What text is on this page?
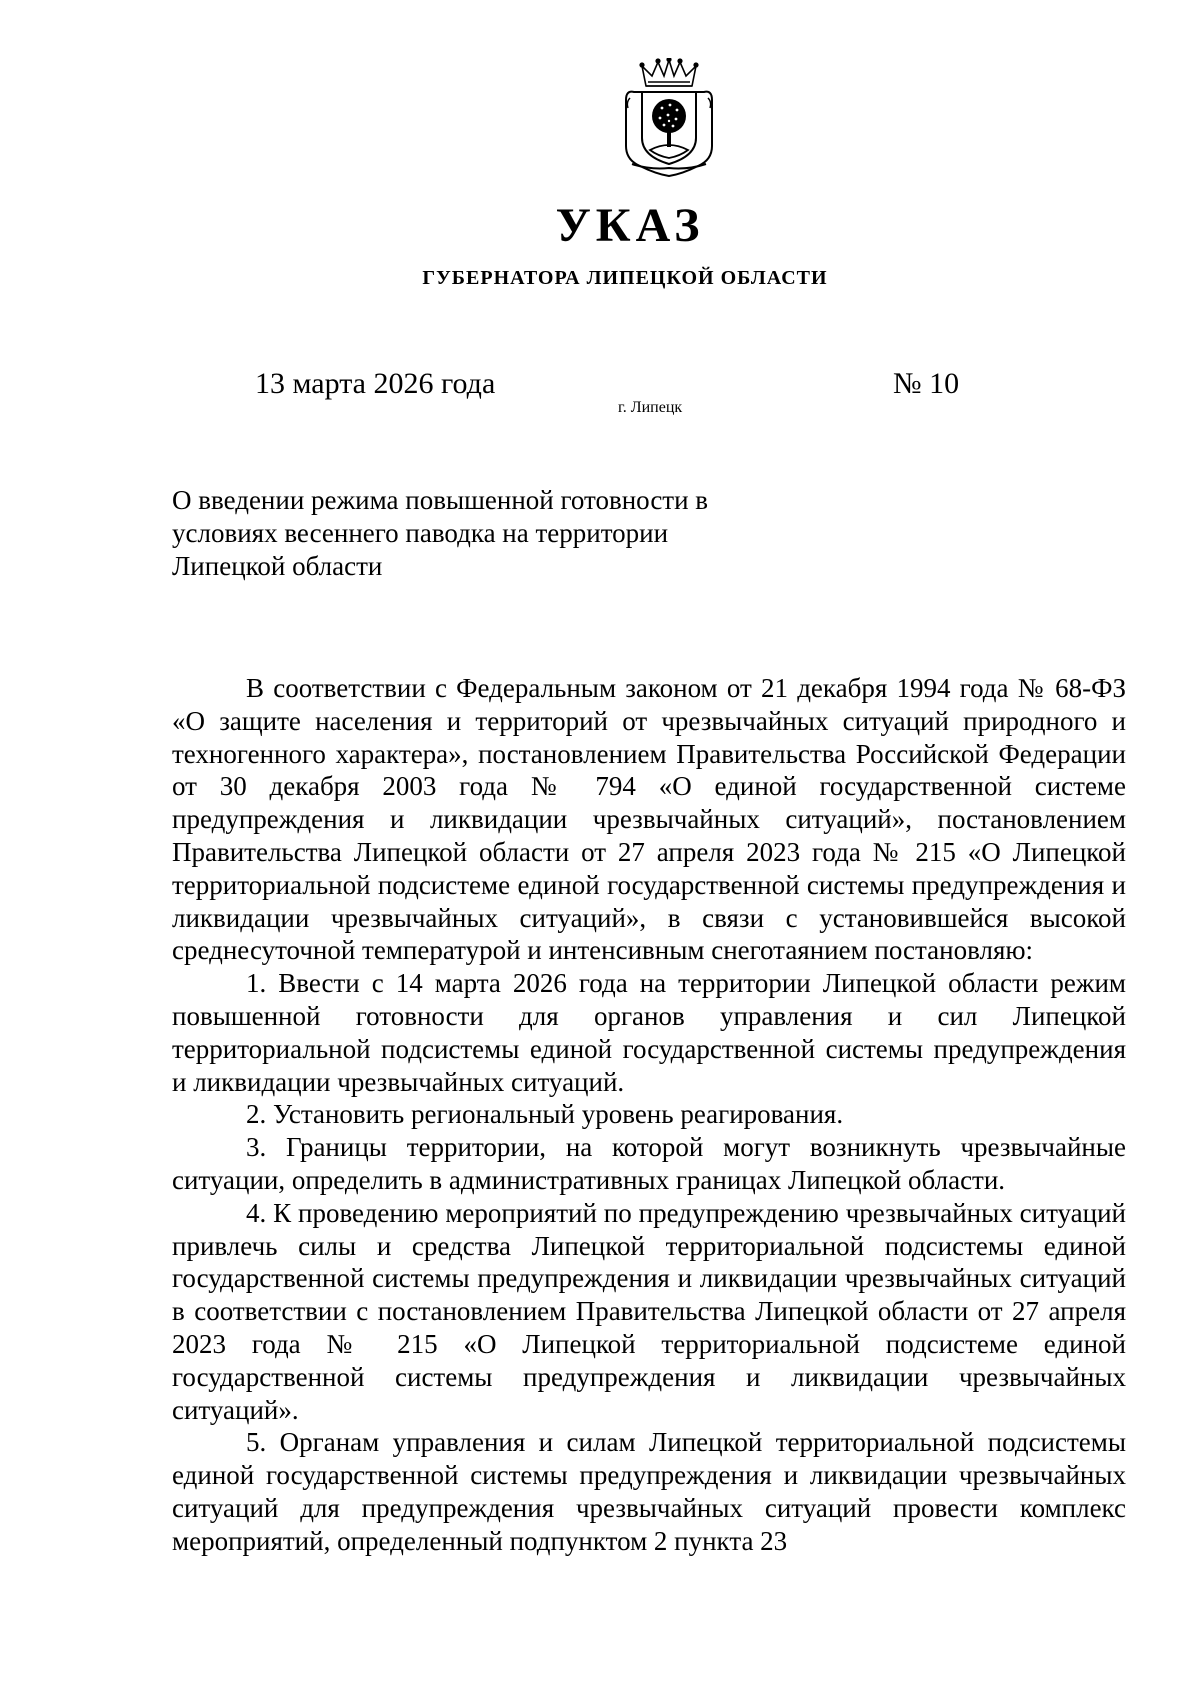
УКАЗ
ГУБЕРНАТОРА ЛИПЕЦКОЙ ОБЛАСТИ
13 марта 2026 года
г. Липецк
№ 10
О введении режима повышенной готовности в условиях весеннего паводка на территории Липецкой области

В соответствии с Федеральным законом от 21 декабря 1994 года № 68-ФЗ «О защите населения и территорий от чрезвычайных ситуаций природного и техногенного характера», постановлением Правительства Российской Федерации от 30 декабря 2003 года № 794 «О единой государственной системе предупреждения и ликвидации чрезвычайных ситуаций», постановлением Правительства Липецкой области от 27 апреля 2023 года № 215 «О Липецкой территориальной подсистеме единой государственной системы предупреждения и ликвидации чрезвычайных ситуаций», в связи с установившейся высокой среднесуточной температурой и интенсивным снеготаянием постановляю:

1. Ввести с 14 марта 2026 года на территории Липецкой области режим повышенной готовности для органов управления и сил Липецкой территориальной подсистемы единой государственной системы предупреждения и ликвидации чрезвычайных ситуаций.

2. Установить региональный уровень реагирования.

3. Границы территории, на которой могут возникнуть чрезвычайные ситуации, определить в административных границах Липецкой области.

4. К проведению мероприятий по предупреждению чрезвычайных ситуаций привлечь силы и средства Липецкой территориальной подсистемы единой государственной системы предупреждения и ликвидации чрезвычайных ситуаций в соответствии с постановлением Правительства Липецкой области от 27 апреля 2023 года № 215 «О Липецкой территориальной подсистеме единой государственной системы предупреждения и ликвидации чрезвычайных ситуаций».

5. Органам управления и силам Липецкой территориальной подсистемы единой государственной системы предупреждения и ликвидации чрезвычайных ситуаций для предупреждения чрезвычайных ситуаций провести комплекс мероприятий, определенный подпунктом 2 пункта 23
